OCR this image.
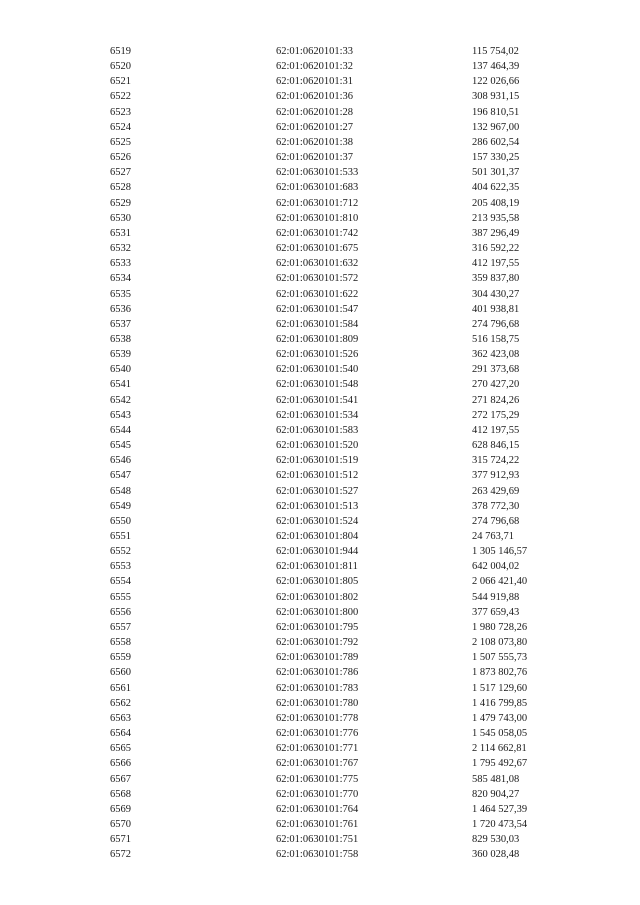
6519	62:01:0620101:33	115 754,02
6520	62:01:0620101:32	137 464,39
6521	62:01:0620101:31	122 026,66
6522	62:01:0620101:36	308 931,15
6523	62:01:0620101:28	196 810,51
6524	62:01:0620101:27	132 967,00
6525	62:01:0620101:38	286 602,54
6526	62:01:0620101:37	157 330,25
6527	62:01:0630101:533	501 301,37
6528	62:01:0630101:683	404 622,35
6529	62:01:0630101:712	205 408,19
6530	62:01:0630101:810	213 935,58
6531	62:01:0630101:742	387 296,49
6532	62:01:0630101:675	316 592,22
6533	62:01:0630101:632	412 197,55
6534	62:01:0630101:572	359 837,80
6535	62:01:0630101:622	304 430,27
6536	62:01:0630101:547	401 938,81
6537	62:01:0630101:584	274 796,68
6538	62:01:0630101:809	516 158,75
6539	62:01:0630101:526	362 423,08
6540	62:01:0630101:540	291 373,68
6541	62:01:0630101:548	270 427,20
6542	62:01:0630101:541	271 824,26
6543	62:01:0630101:534	272 175,29
6544	62:01:0630101:583	412 197,55
6545	62:01:0630101:520	628 846,15
6546	62:01:0630101:519	315 724,22
6547	62:01:0630101:512	377 912,93
6548	62:01:0630101:527	263 429,69
6549	62:01:0630101:513	378 772,30
6550	62:01:0630101:524	274 796,68
6551	62:01:0630101:804	24 763,71
6552	62:01:0630101:944	1 305 146,57
6553	62:01:0630101:811	642 004,02
6554	62:01:0630101:805	2 066 421,40
6555	62:01:0630101:802	544 919,88
6556	62:01:0630101:800	377 659,43
6557	62:01:0630101:795	1 980 728,26
6558	62:01:0630101:792	2 108 073,80
6559	62:01:0630101:789	1 507 555,73
6560	62:01:0630101:786	1 873 802,76
6561	62:01:0630101:783	1 517 129,60
6562	62:01:0630101:780	1 416 799,85
6563	62:01:0630101:778	1 479 743,00
6564	62:01:0630101:776	1 545 058,05
6565	62:01:0630101:771	2 114 662,81
6566	62:01:0630101:767	1 795 492,67
6567	62:01:0630101:775	585 481,08
6568	62:01:0630101:770	820 904,27
6569	62:01:0630101:764	1 464 527,39
6570	62:01:0630101:761	1 720 473,54
6571	62:01:0630101:751	829 530,03
6572	62:01:0630101:758	360 028,48
